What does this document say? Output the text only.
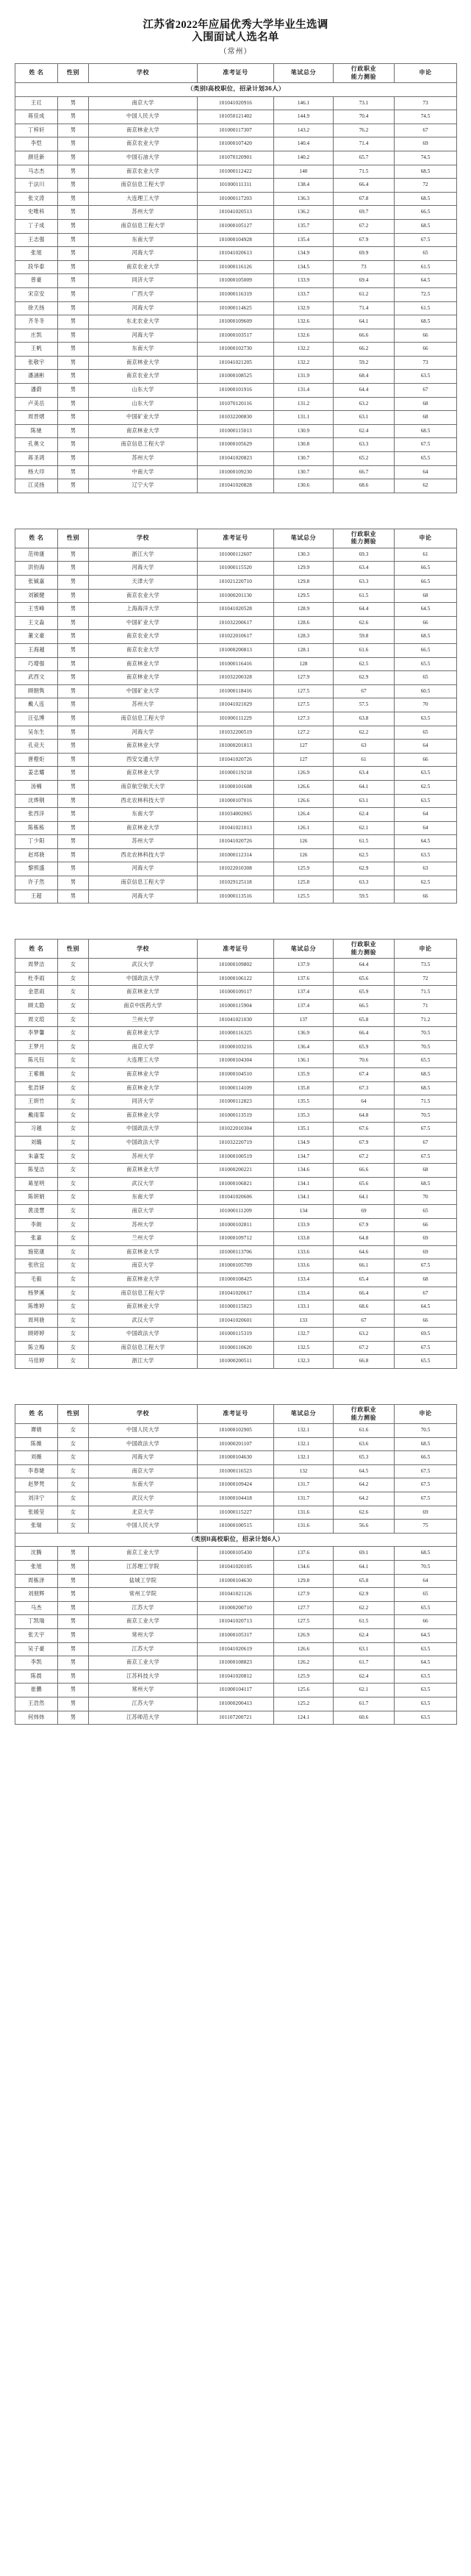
江苏省2022年应届优秀大学毕业生选调
入围面试人选名单
（常州）
姓 名	性别	学校	准考证号	笔试总分	行政职业
能力测验	申论
（类别I高校职位，招录计划36人）						
王玒	男	南京大学	101041020916	146.1	73.1	73
蒋佳成	男	中国人民大学	101050121402	144.9	70.4	74.5
丁梓轩	男	南京林业大学	101000117307	143.2	76.2	67
李恺	男	南京农业大学	101000107420	140.4	71.4	69
颜廷新	男	中国石油大学	101070120901	140.2	65.7	74.5
马志杰	男	南京农业大学	101000112422	140	71.5	68.5
于法川	男	南京信息工程大学	101000111311	138.4	66.4	72
张文涛	男	大连理工大学	101000117203	136.3	67.8	68.5
史唯科	男	苏州大学	101041020513	136.2	69.7	66.5
丁子成	男	南京信息工程大学	101000105127	135.7	67.2	68.5
王志强	男	东南大学	101000104928	135.4	67.9	67.5
张旭	男	河海大学	101041020613	134.9	69.9	65
段华泰	男	南京农业大学	101000116126	134.5	73	61.5
曾豪	男	同济大学	101000105009	133.9	69.4	64.5
宋京安	男	广西大学	101000116319	133.7	61.2	72.5
徐天扬	男	河海大学	101000114625	132.9	71.4	61.5
齐冬冬	男	东北农业大学	101000109609	132.6	64.1	68.5
庄凯	男	河海大学	101000103517	132.6	66.6	66
王帆	男	东南大学	101000102730	132.2	66.2	66
张敬宇	男	南京林业大学	101041021205	132.2	59.2	73
潘涵彬	男	南京农业大学	101000108525	131.9	68.4	63.5
潘蔚	男	山东大学	101000101916	131.4	64.4	67
卢美岳	男	山东大学	101070120116	131.2	63.2	68
周晋熠	男	中国矿业大学	101032200830	131.1	63.1	68
陈驰	男	南京林业大学	101000115013	130.9	62.4	68.5
孔奥文	男	南京信息工程大学	101000105629	130.8	63.3	67.5
蒋圣鸿	男	苏州大学	101041020823	130.7	65.2	65.5
杨大印	男	中南大学	101000109230	130.7	66.7	64
江灵扬	男	辽宁大学	101041020828	130.6	68.6	62
姓 名	性别	学校	准考证号	笔试总分	行政职业
能力测验	申论
范帅康	男	浙江大学	101000112607	130.3	69.3	61
洪钧海	男	河海大学	101000115520	129.9	63.4	66.5
张铖嘉	男	天津大学	101021220710	129.8	63.3	66.5
刘颖健	男	南京农业大学	101000201130	129.5	61.5	68
王雪峰	男	上海海洋大学	101041020528	128.9	64.4	64.5
王文淼	男	中国矿业大学	101032200617	128.6	62.6	66
董文豪	男	南京农业大学	101022010617	128.3	59.8	68.5
王海越	男	南京农业大学	101000200813	128.1	61.6	66.5
巧增强	男	南京林业大学	101000116416	128	62.5	65.5
武西文	男	南京林业大学	101032200328	127.9	62.9	65
顾朝隽	男	中国矿业大学	101000118416	127.5	67	60.5
戴人连	男	苏州大学	101041021029	127.5	57.5	70
汪弘博	男	南京信息工程大学	101000111229	127.3	63.8	63.5
吴东生	男	河海大学	101032200519	127.2	62.2	65
孔竞天	男	南京林业大学	101000201813	127	63	64
唐橙炬	男	西安交通大学	101041020726	127	61	66
姜忠耀	男	南京林业大学	101000119218	126.9	63.4	63.5
汤楠	男	南京航空航天大学	101000101608	126.6	64.1	62.5
沈烨钢	男	西北农林科技大学	101000107016	126.6	63.1	63.5
张西洋	男	东南大学	101034002065	126.4	62.4	64
陈栋栋	男	南京林业大学	101041021013	126.1	62.1	64
丁少阳	男	苏州大学	101041020726	126	61.5	64.5
赵邦骁	男	西北农林科技大学	101000112314	126	62.5	63.5
黎照盛	男	河海大学	101022010308	125.9	62.9	63
许子然	男	南京信息工程大学	101029125118	125.8	63.3	62.5
王超	男	河海大学	101000113516	125.5	59.5	66
姓 名	性别	学校	准考证号	笔试总分	行政职业
能力测验	申论
周梦洁	女	武汉大学	101000109802	137.9	64.4	73.5
杜李雨	女	中国政法大学	101000106122	137.6	65.6	72
金思雨	女	南京林业大学	101000109117	137.4	65.9	71.5
顾太隐	女	南京中医药大学	101000115904	137.4	66.5	71
周文瑄	女	兰州大学	101041021030	137	65.8	71.2
李梦馨	女	南京林业大学	101000116325	136.9	66.4	70.5
王梦月	女	南京大学	101000103216	136.4	65.9	70.5
陈凡钰	女	大连理工大学	101000104304	136.1	70.6	65.5
王紫薇	女	南京林业大学	101000104510	135.9	67.4	68.5
张浩妍	女	南京林业大学	101000114109	135.8	67.3	68.5
王妍竹	女	同济大学	101000112823	135.5	64	71.5
戴雨霏	女	南京林业大学	101000113519	135.3	64.8	70.5
习越	女	中国政法大学	101022010304	135.1	67.6	67.5
刘璐	女	中国政法大学	101032220719	134.9	67.9	67
朱嘉雯	女	苏州大学	101000100519	134.7	67.2	67.5
陈旻洁	女	南京林业大学	101000200221	134.6	66.6	68
葛星明	女	武汉大学	101000106821	134.1	65.6	68.5
陈妍娟	女	东南大学	101041020606	134.1	64.1	70
黄凌慧	女	南京大学	101000111209	134	69	65
李朗	女	苏州大学	101000102811	133.9	67.9	66
张嘉	女	兰州大学	101000109712	133.8	64.8	69
施铭康	女	南京林业大学	101000113706	133.6	64.6	69
张欣宜	女	南京大学	101000105709	133.6	66.1	67.5
毛毅	女	南京林业大学	101000108425	133.4	65.4	68
杨梦溪	女	南京信息工程大学	101041020617	133.4	66.4	67
陈维婷	女	南京林业大学	101000115023	133.1	68.6	64.5
周珂骁	女	武汉大学	101041020601	133	67	66
顾婷婷	女	中国政法大学	101000115319	132.7	63.2	69.5
陈立梅	女	南京信息工程大学	101000110620	132.5	67.2	67.5
马佳婷	女	浙江大学	101000200511	132.3	66.8	65.5
姓 名	性别	学校	准考证号	笔试总分	行政职业
能力测验	申论
谭娟	女	中国人民大学	101000102905	132.1	61.6	70.5
陈薇	女	中国政法大学	101000201107	132.1	63.6	68.5
刘薇	女	河海大学	101000104630	132.1	65.3	66.5
李春婕	女	南京大学	101000116523	132	64.5	67.5
赵梦梵	女	东南大学	101000109424	131.7	64.2	67.5
刘洋宁	女	武汉大学	101000104418	131.7	64.2	67.5
张媛莹	女	北京大学	101000115227	131.6	62.6	69
张瑞	女	中国人民大学	101000100515	131.6	56.6	75
（类别II高校职位，招录计划6人）						
沈腾	男	南京工业大学	101000105430	137.6	69.1	68.5
张旭	男	江苏理工学院	101041020105	134.6	64.1	70.5
周栋泽	男	盐城工学院	101000104630	129.8	65.8	64
刘朋辉	男	常州工学院	101041021126	127.9	62.9	65
马杰	男	江苏大学	101000200710	127.7	62.2	65.5
丁凯瑞	男	南京工业大学	101041020713	127.5	61.5	66
张天宇	男	常州大学	101000105317	126.9	62.4	64.5
吴子豪	男	江苏大学	101041020619	126.6	63.1	63.5
李凯	男	南京工业大学	101000108823	126.2	61.7	64.5
陈晨	男	江苏科技大学	101041020812	125.9	62.4	63.5
崔鹏	男	常州大学	101000104117	125.6	62.1	63.5
王浩然	男	江苏大学	101000200413	125.2	61.7	63.5
何炜炜	男	江苏师范大学	101107200721	124.1	60.6	63.5
